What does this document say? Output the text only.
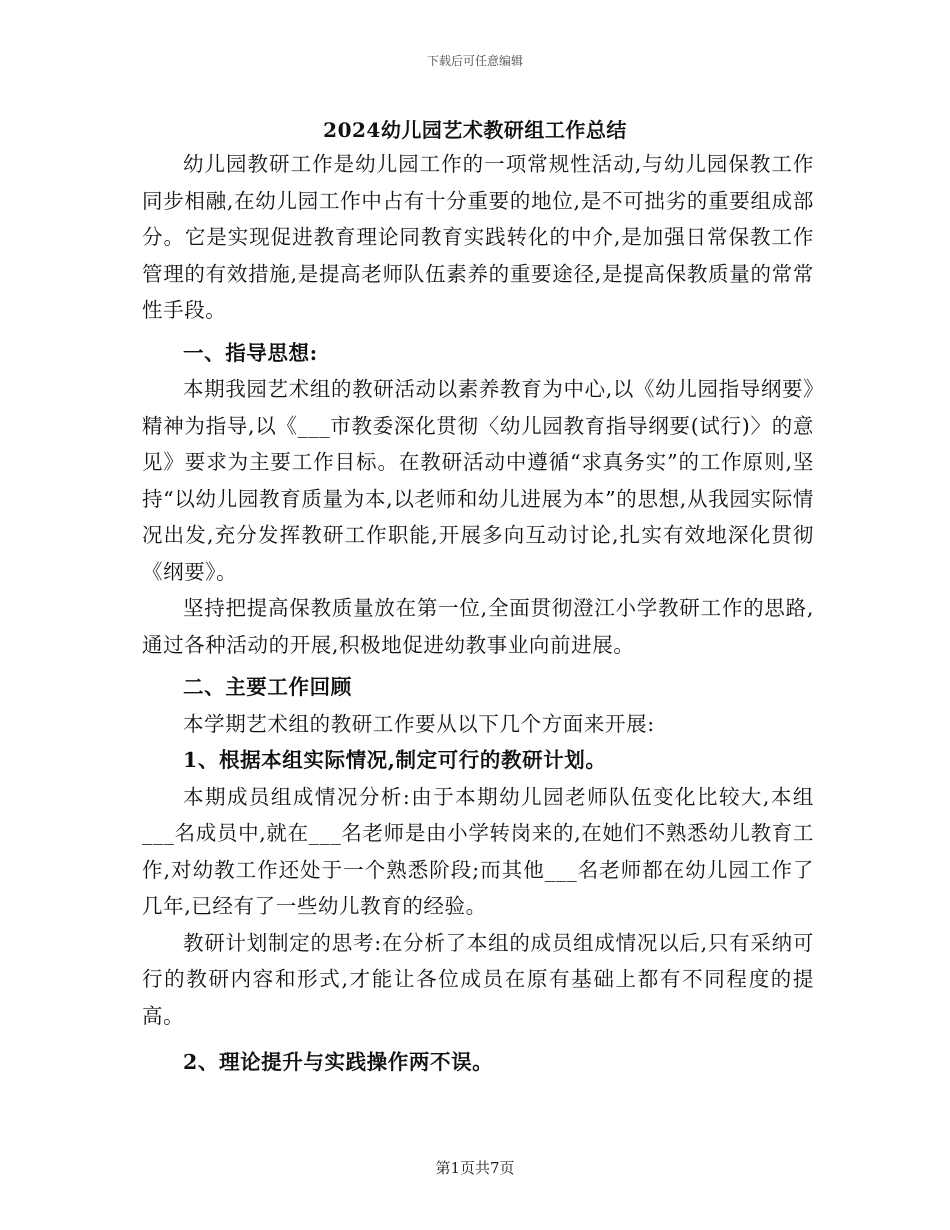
下载后可任意编辑
2024幼儿园艺术教研组工作总结

幼儿园教研工作是幼儿园工作的一项常规性活动,与幼儿园保教工作同步相融,在幼儿园工作中占有十分重要的地位,是不可拙劣的重要组成部分。它是实现促进教育理论同教育实践转化的中介,是加强日常保教工作管理的有效措施,是提高老师队伍素养的重要途径,是提高保教质量的常常性手段。

一、指导思想:

本期我园艺术组的教研活动以素养教育为中心,以《幼儿园指导纲要》精神为指导,以《___市教委深化贯彻〈幼儿园教育指导纲要(试行)〉的意见》要求为主要工作目标。在教研活动中遵循“求真务实”的工作原则,坚持“以幼儿园教育质量为本,以老师和幼儿进展为本”的思想,从我园实际情况出发,充分发挥教研工作职能,开展多向互动讨论,扎实有效地深化贯彻《纲要》。

坚持把提高保教质量放在第一位,全面贯彻澄江小学教研工作的思路,通过各种活动的开展,积极地促进幼教事业向前进展。

二、主要工作回顾

本学期艺术组的教研工作要从以下几个方面来开展:

1、根据本组实际情况,制定可行的教研计划。

本期成员组成情况分析:由于本期幼儿园老师队伍变化比较大,本组___名成员中,就在___名老师是由小学转岗来的,在她们不熟悉幼儿教育工作,对幼教工作还处于一个熟悉阶段;而其他___名老师都在幼儿园工作了几年,已经有了一些幼儿教育的经验。

教研计划制定的思考:在分析了本组的成员组成情况以后,只有采纳可行的教研内容和形式,才能让各位成员在原有基础上都有不同程度的提高。

2、理论提升与实践操作两不误。

第1页共7页
